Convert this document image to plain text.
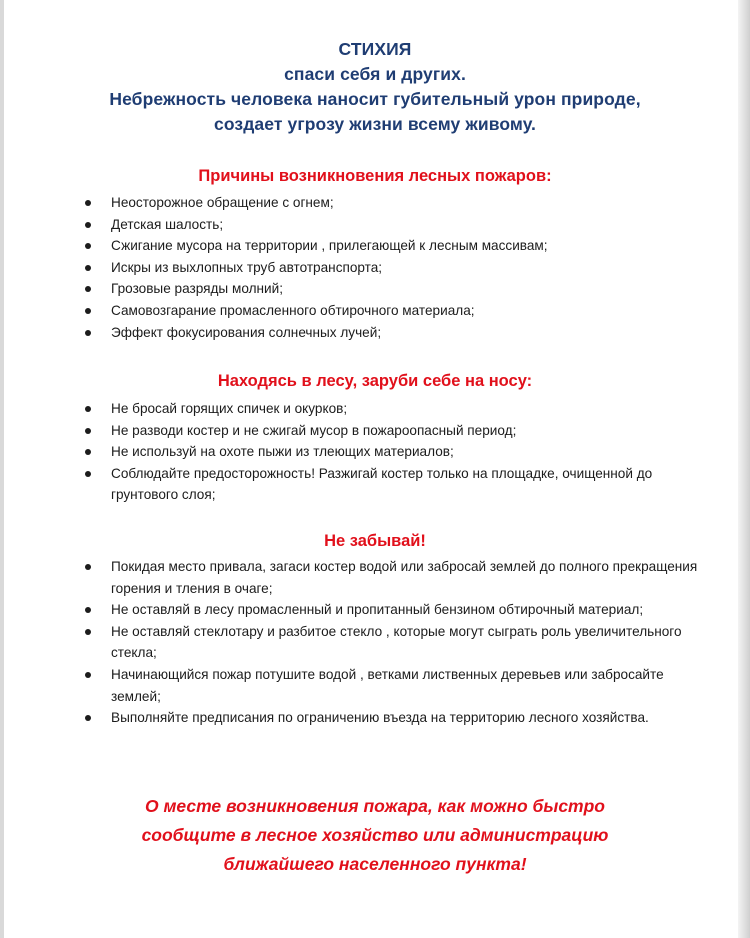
СТИХИЯ
спаси себя и других.
Небрежность человека наносит губительный урон природе,
создает угрозу жизни всему живому.
Причины возникновения лесных пожаров:
Неосторожное обращение с огнем;
Детская шалость;
Сжигание мусора на территории , прилегающей к лесным массивам;
Искры из выхлопных труб автотранспорта;
Грозовые разряды молний;
Самовозгарание промасленного обтирочного материала;
Эффект фокусирования солнечных лучей;
Находясь в лесу, заруби себе на носу:
Не бросай горящих спичек и окурков;
Не разводи костер и не сжигай мусор в пожароопасный период;
Не используй на охоте пыжи из тлеющих материалов;
Соблюдайте предосторожность! Разжигай костер только на площадке, очищенной до грунтового слоя;
Не забывай!
Покидая место привала, загаси костер водой или забросай землей до полного прекращения горения и тления в очаге;
Не оставляй в лесу промасленный и пропитанный бензином обтирочный материал;
Не оставляй стеклотару и разбитое стекло , которые могут сыграть роль увеличительного стекла;
Начинающийся пожар потушите водой , ветками лиственных деревьев или забросайте землей;
Выполняйте предписания по ограничению въезда на территорию лесного хозяйства.
О месте возникновения пожара, как можно быстро
сообщите в лесное хозяйство или администрацию
ближайшего населенного пункта!
